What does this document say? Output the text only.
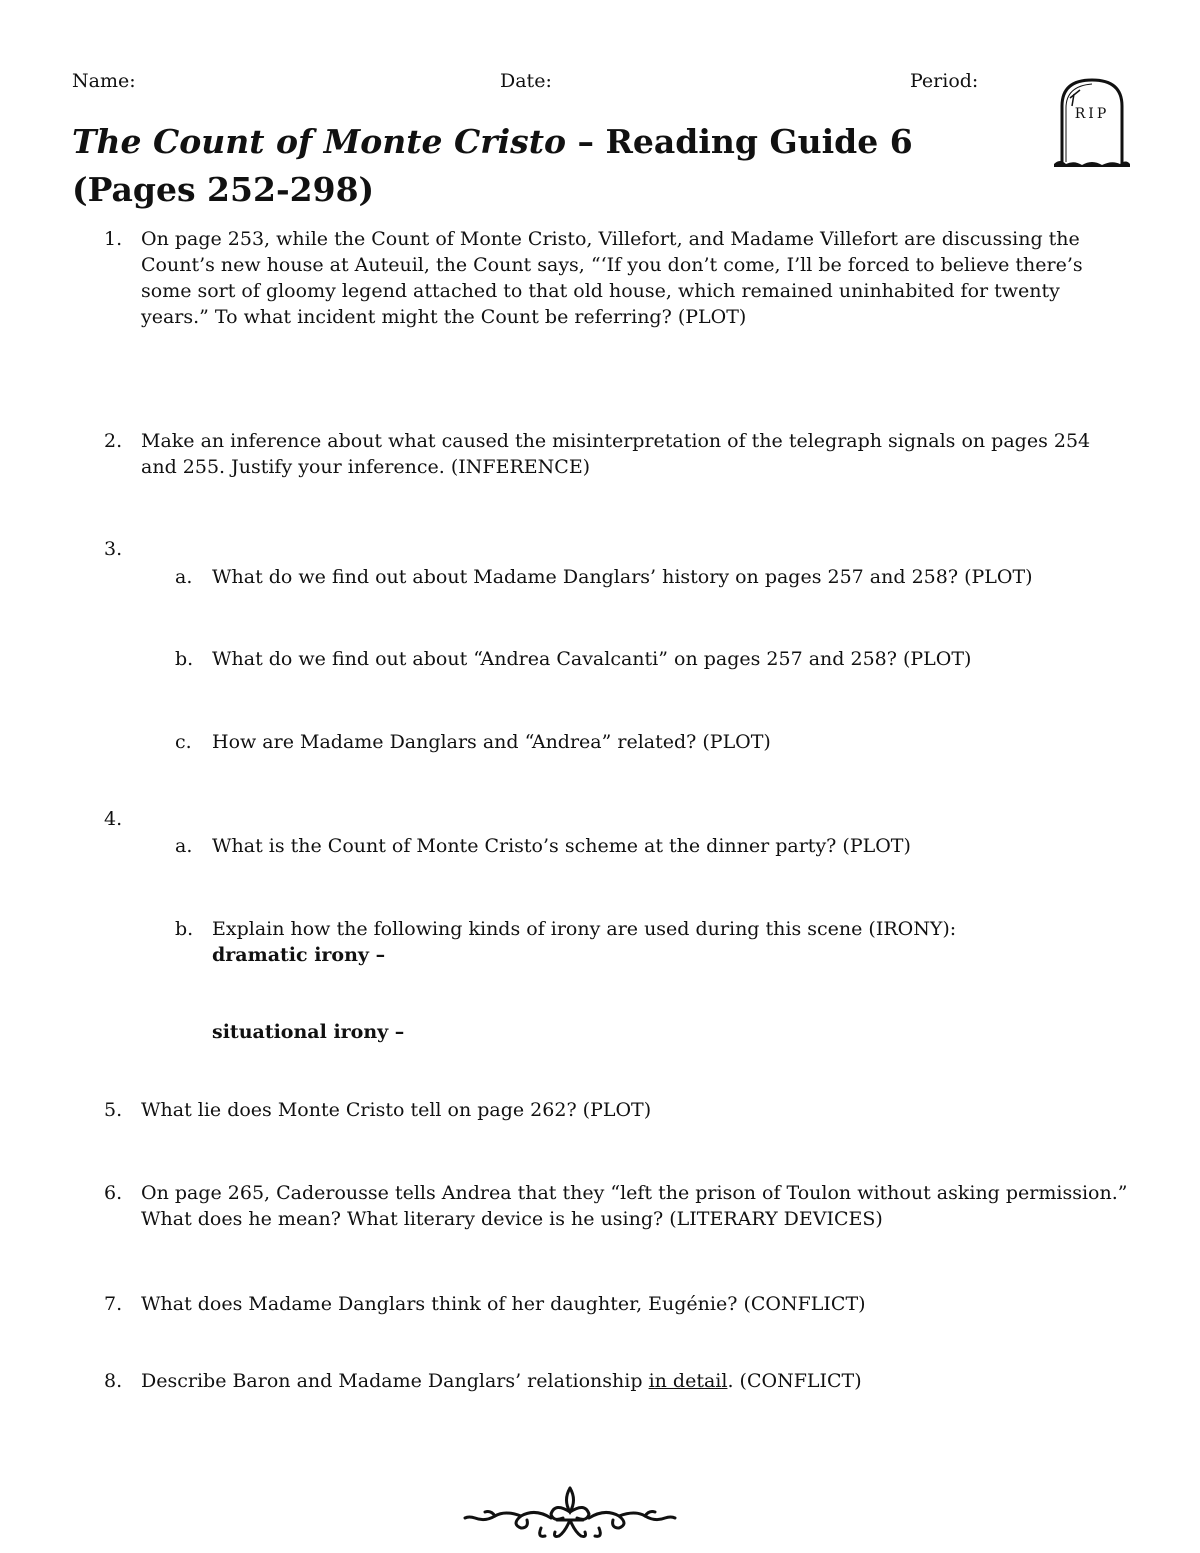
Name:	Date:	Period:
RIP
The Count of Monte Cristo – Reading Guide 6
(Pages 252-298)
1. On page 253, while the Count of Monte Cristo, Villefort, and Madame Villefort are discussing the Count’s new house at Auteuil, the Count says, “‘If you don’t come, I’ll be forced to believe there’s some sort of gloomy legend attached to that old house, which remained uninhabited for twenty years.” To what incident might the Count be referring? (PLOT)
2. Make an inference about what caused the misinterpretation of the telegraph signals on pages 254 and 255. Justify your inference. (INFERENCE)
3.
a. What do we find out about Madame Danglars’ history on pages 257 and 258? (PLOT)
b. What do we find out about “Andrea Cavalcanti” on pages 257 and 258? (PLOT)
c. How are Madame Danglars and “Andrea” related? (PLOT)
4.
a. What is the Count of Monte Cristo’s scheme at the dinner party? (PLOT)
b. Explain how the following kinds of irony are used during this scene (IRONY):
dramatic irony –
situational irony –
5. What lie does Monte Cristo tell on page 262? (PLOT)
6. On page 265, Caderousse tells Andrea that they “left the prison of Toulon without asking permission.” What does he mean? What literary device is he using? (LITERARY DEVICES)
7. What does Madame Danglars think of her daughter, Eugénie? (CONFLICT)
8. Describe Baron and Madame Danglars’ relationship in detail. (CONFLICT)
